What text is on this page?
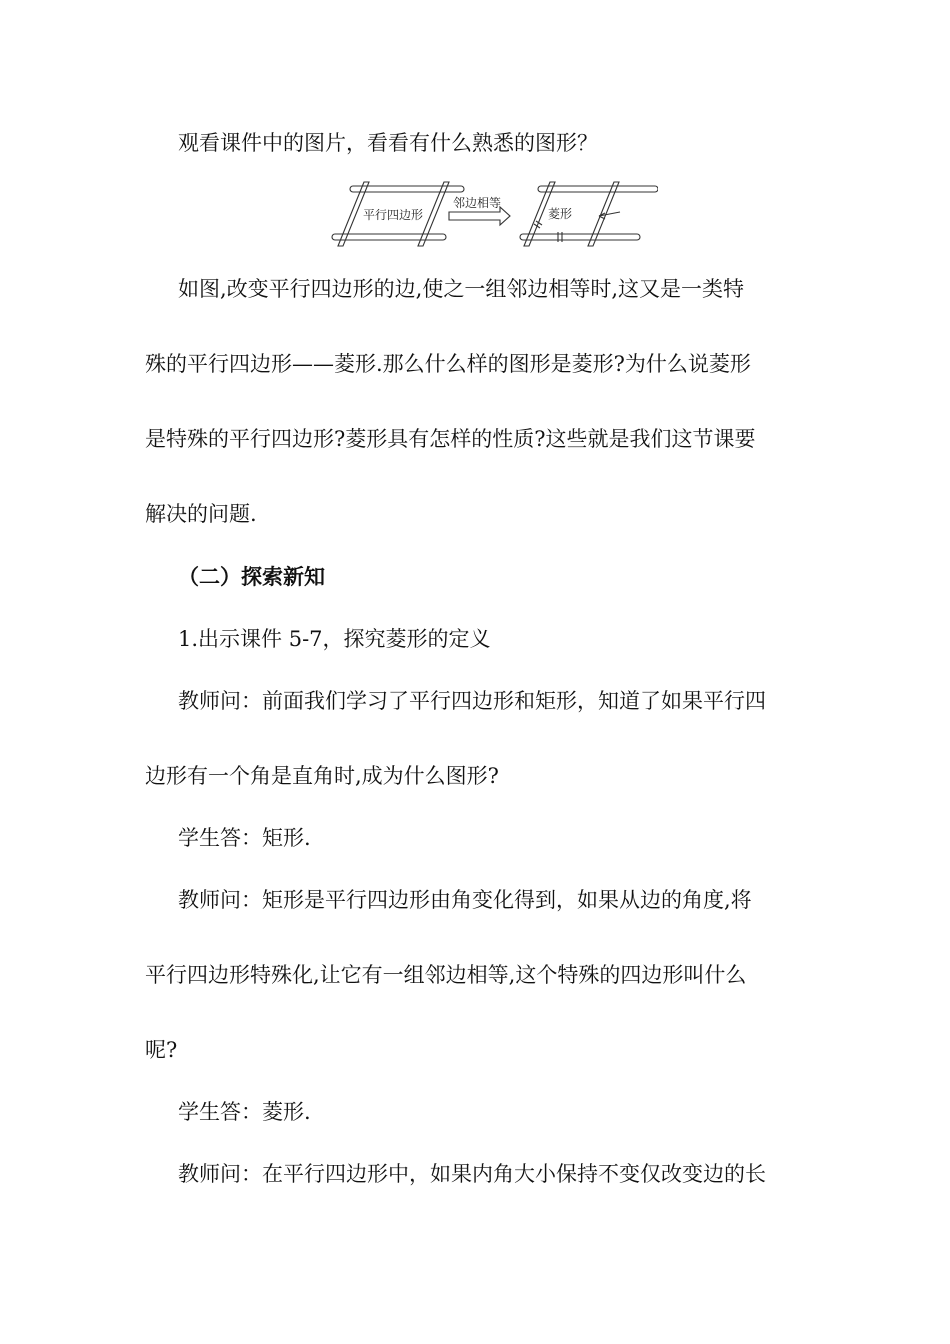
观看课件中的图片，看看有什么熟悉的图形？
平行四边形
邻边相等
菱形
如图,改变平行四边形的边,使之一组邻边相等时,这又是一类特
殊的平行四边形——菱形.那么什么样的图形是菱形?为什么说菱形
是特殊的平行四边形?菱形具有怎样的性质?这些就是我们这节课要
解决的问题.
（二）探索新知
1.出示课件 5-7，探究菱形的定义
教师问：前面我们学习了平行四边形和矩形，知道了如果平行四
边形有一个角是直角时,成为什么图形?
学生答：矩形.
教师问：矩形是平行四边形由角变化得到，如果从边的角度,将
平行四边形特殊化,让它有一组邻边相等,这个特殊的四边形叫什么
呢?
学生答：菱形.
教师问：在平行四边形中，如果内角大小保持不变仅改变边的长
